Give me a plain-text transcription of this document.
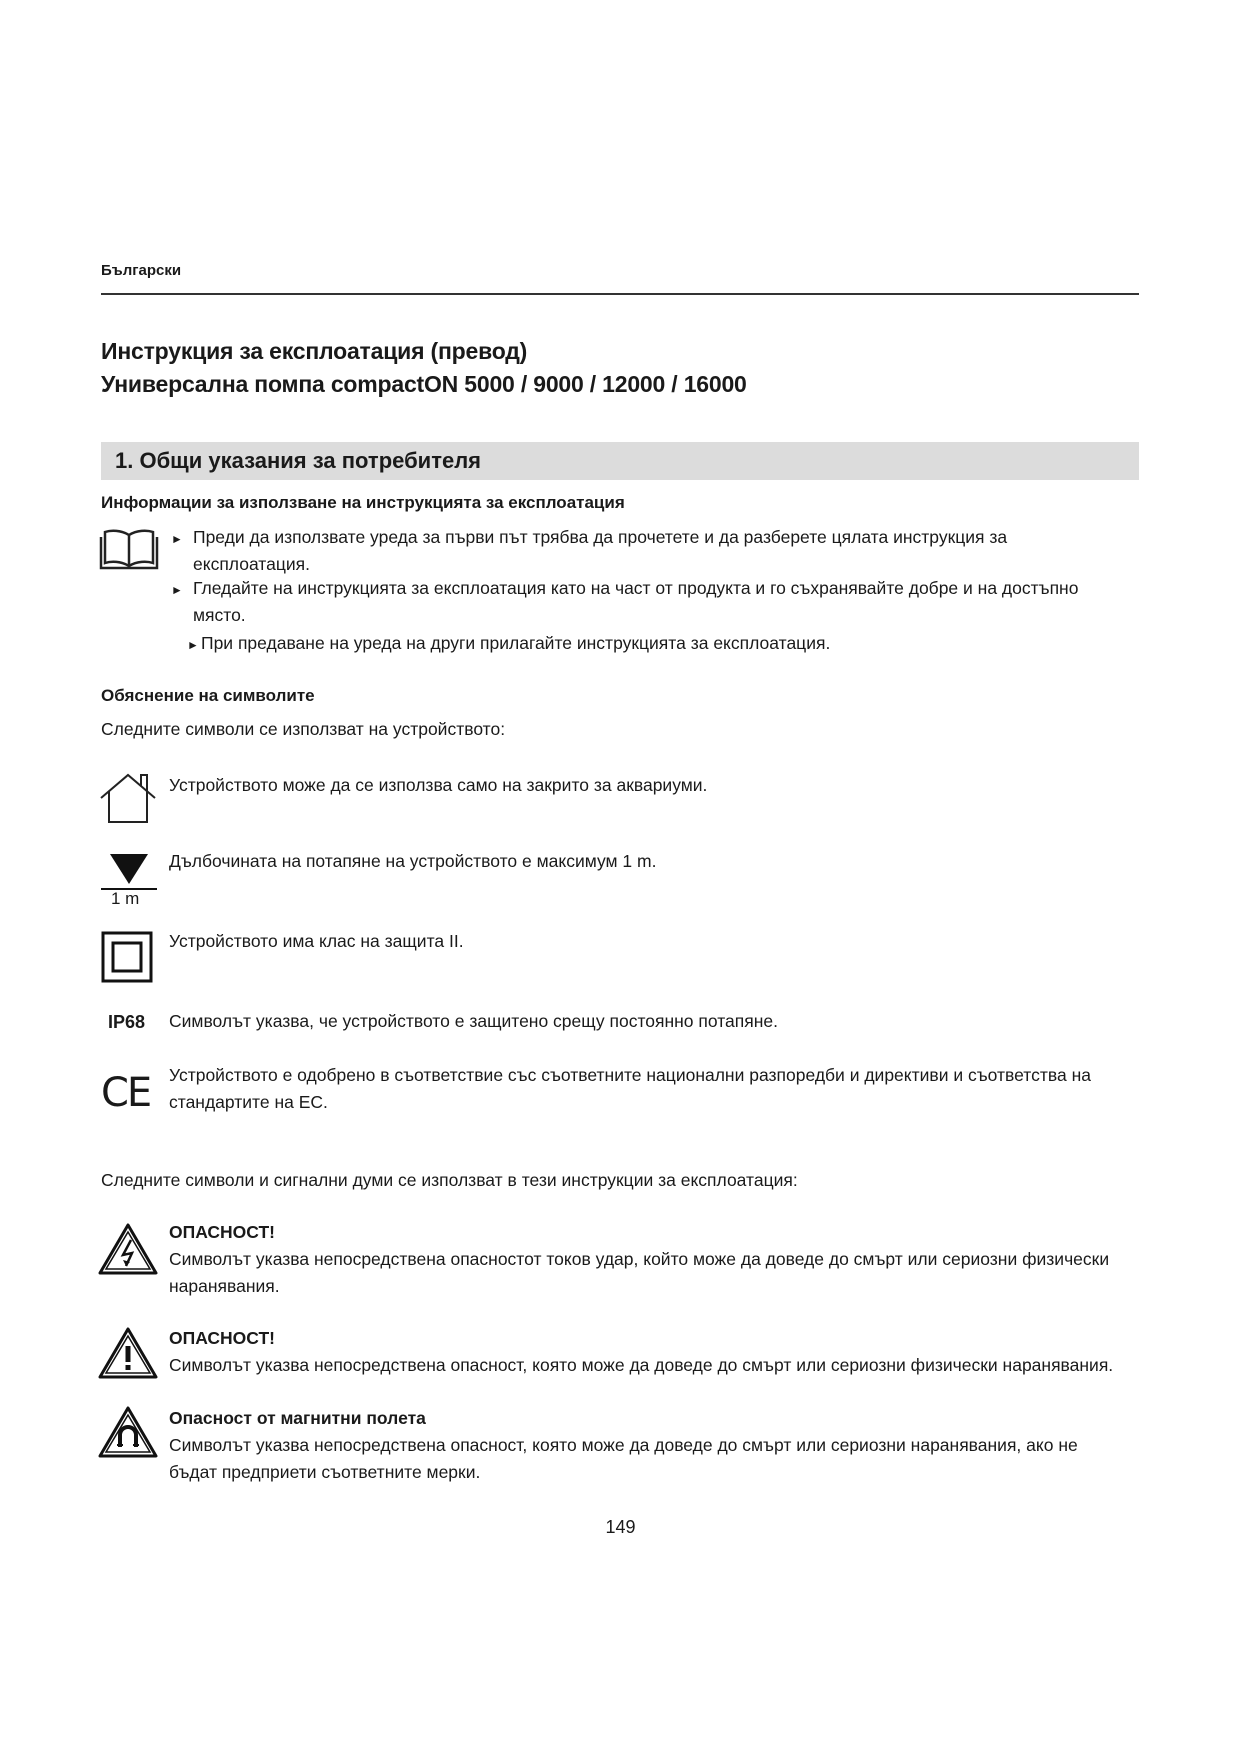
Български
Инструкция за експлоатация (превод)
Универсална помпа compactON 5000 / 9000 / 12000 / 16000
1. Общи указания за потребителя
Информации за използване на инструкцията за експлоатация
► Преди да използвате уреда за първи път трябва да прочетете и да разберете цялата инструкция за
експлоатация.
► Гледайте на инструкцията за експлоатация като на част от продукта и го съхранявайте добре и на достъпно
място.
► При предаване на уреда на други прилагайте инструкцията за експлоатация.
Обяснение на символите
Следните символи се използват на устройството:
Устройството може да се използва само на закрито за аквариуми.
1 m
Дълбочината на потапяне на устройството е максимум 1 m.
Устройството има клас на защита II.
IP68 Символът указва, че устройството е защитено срещу постоянно потапяне.
CE Устройството е одобрено в съответствие със съответните национални разпоредби и директиви и съответства на
стандартите на ЕС.
Следните символи и сигнални думи се използват в тези инструкции за експлоатация:
ОПАСНОСТ!
Символът указва непосредствена опасностот токов удар, който може да доведе до смърт или сериозни физически
наранявания.
ОПАСНОСТ!
Символът указва непосредствена опасност, която може да доведе до смърт или сериозни физически наранявания.
Опасност от магнитни полета
Символът указва непосредствена опасност, която може да доведе до смърт или сериозни наранявания, ако не
бъдат предприети съответните мерки.
149
